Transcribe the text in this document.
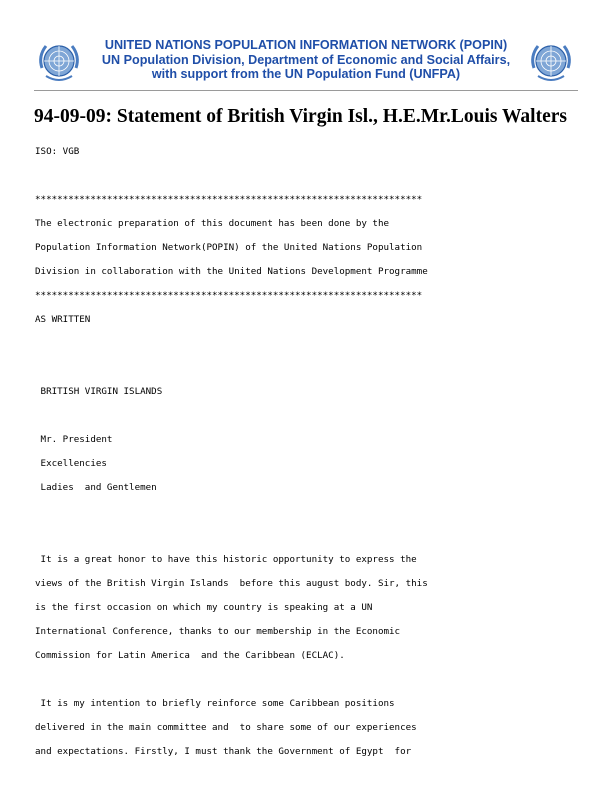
UNITED NATIONS POPULATION INFORMATION NETWORK (POPIN)
UN Population Division, Department of Economic and Social Affairs,
with support from the UN Population Fund (UNFPA)
94-09-09: Statement of British Virgin Isl., H.E.Mr.Louis Walters
ISO: VGB
**********************************************************************
The electronic preparation of this document has been done by the
Population Information Network(POPIN) of the United Nations Population
Division in collaboration with the United Nations Development Programme
**********************************************************************
AS WRITTEN
BRITISH VIRGIN ISLANDS
Mr. President
Excellencies
Ladies  and Gentlemen
It is a great honor to have this historic opportunity to express the
views of the British Virgin Islands  before this august body. Sir, this
is the first occasion on which my country is speaking at a UN
International Conference, thanks to our membership in the Economic
Commission for Latin America  and the Caribbean (ECLAC).
It is my intention to briefly reinforce some Caribbean positions
delivered in the main committee and  to share some of our experiences
and expectations. Firstly, I must thank the Government of Egypt  for
